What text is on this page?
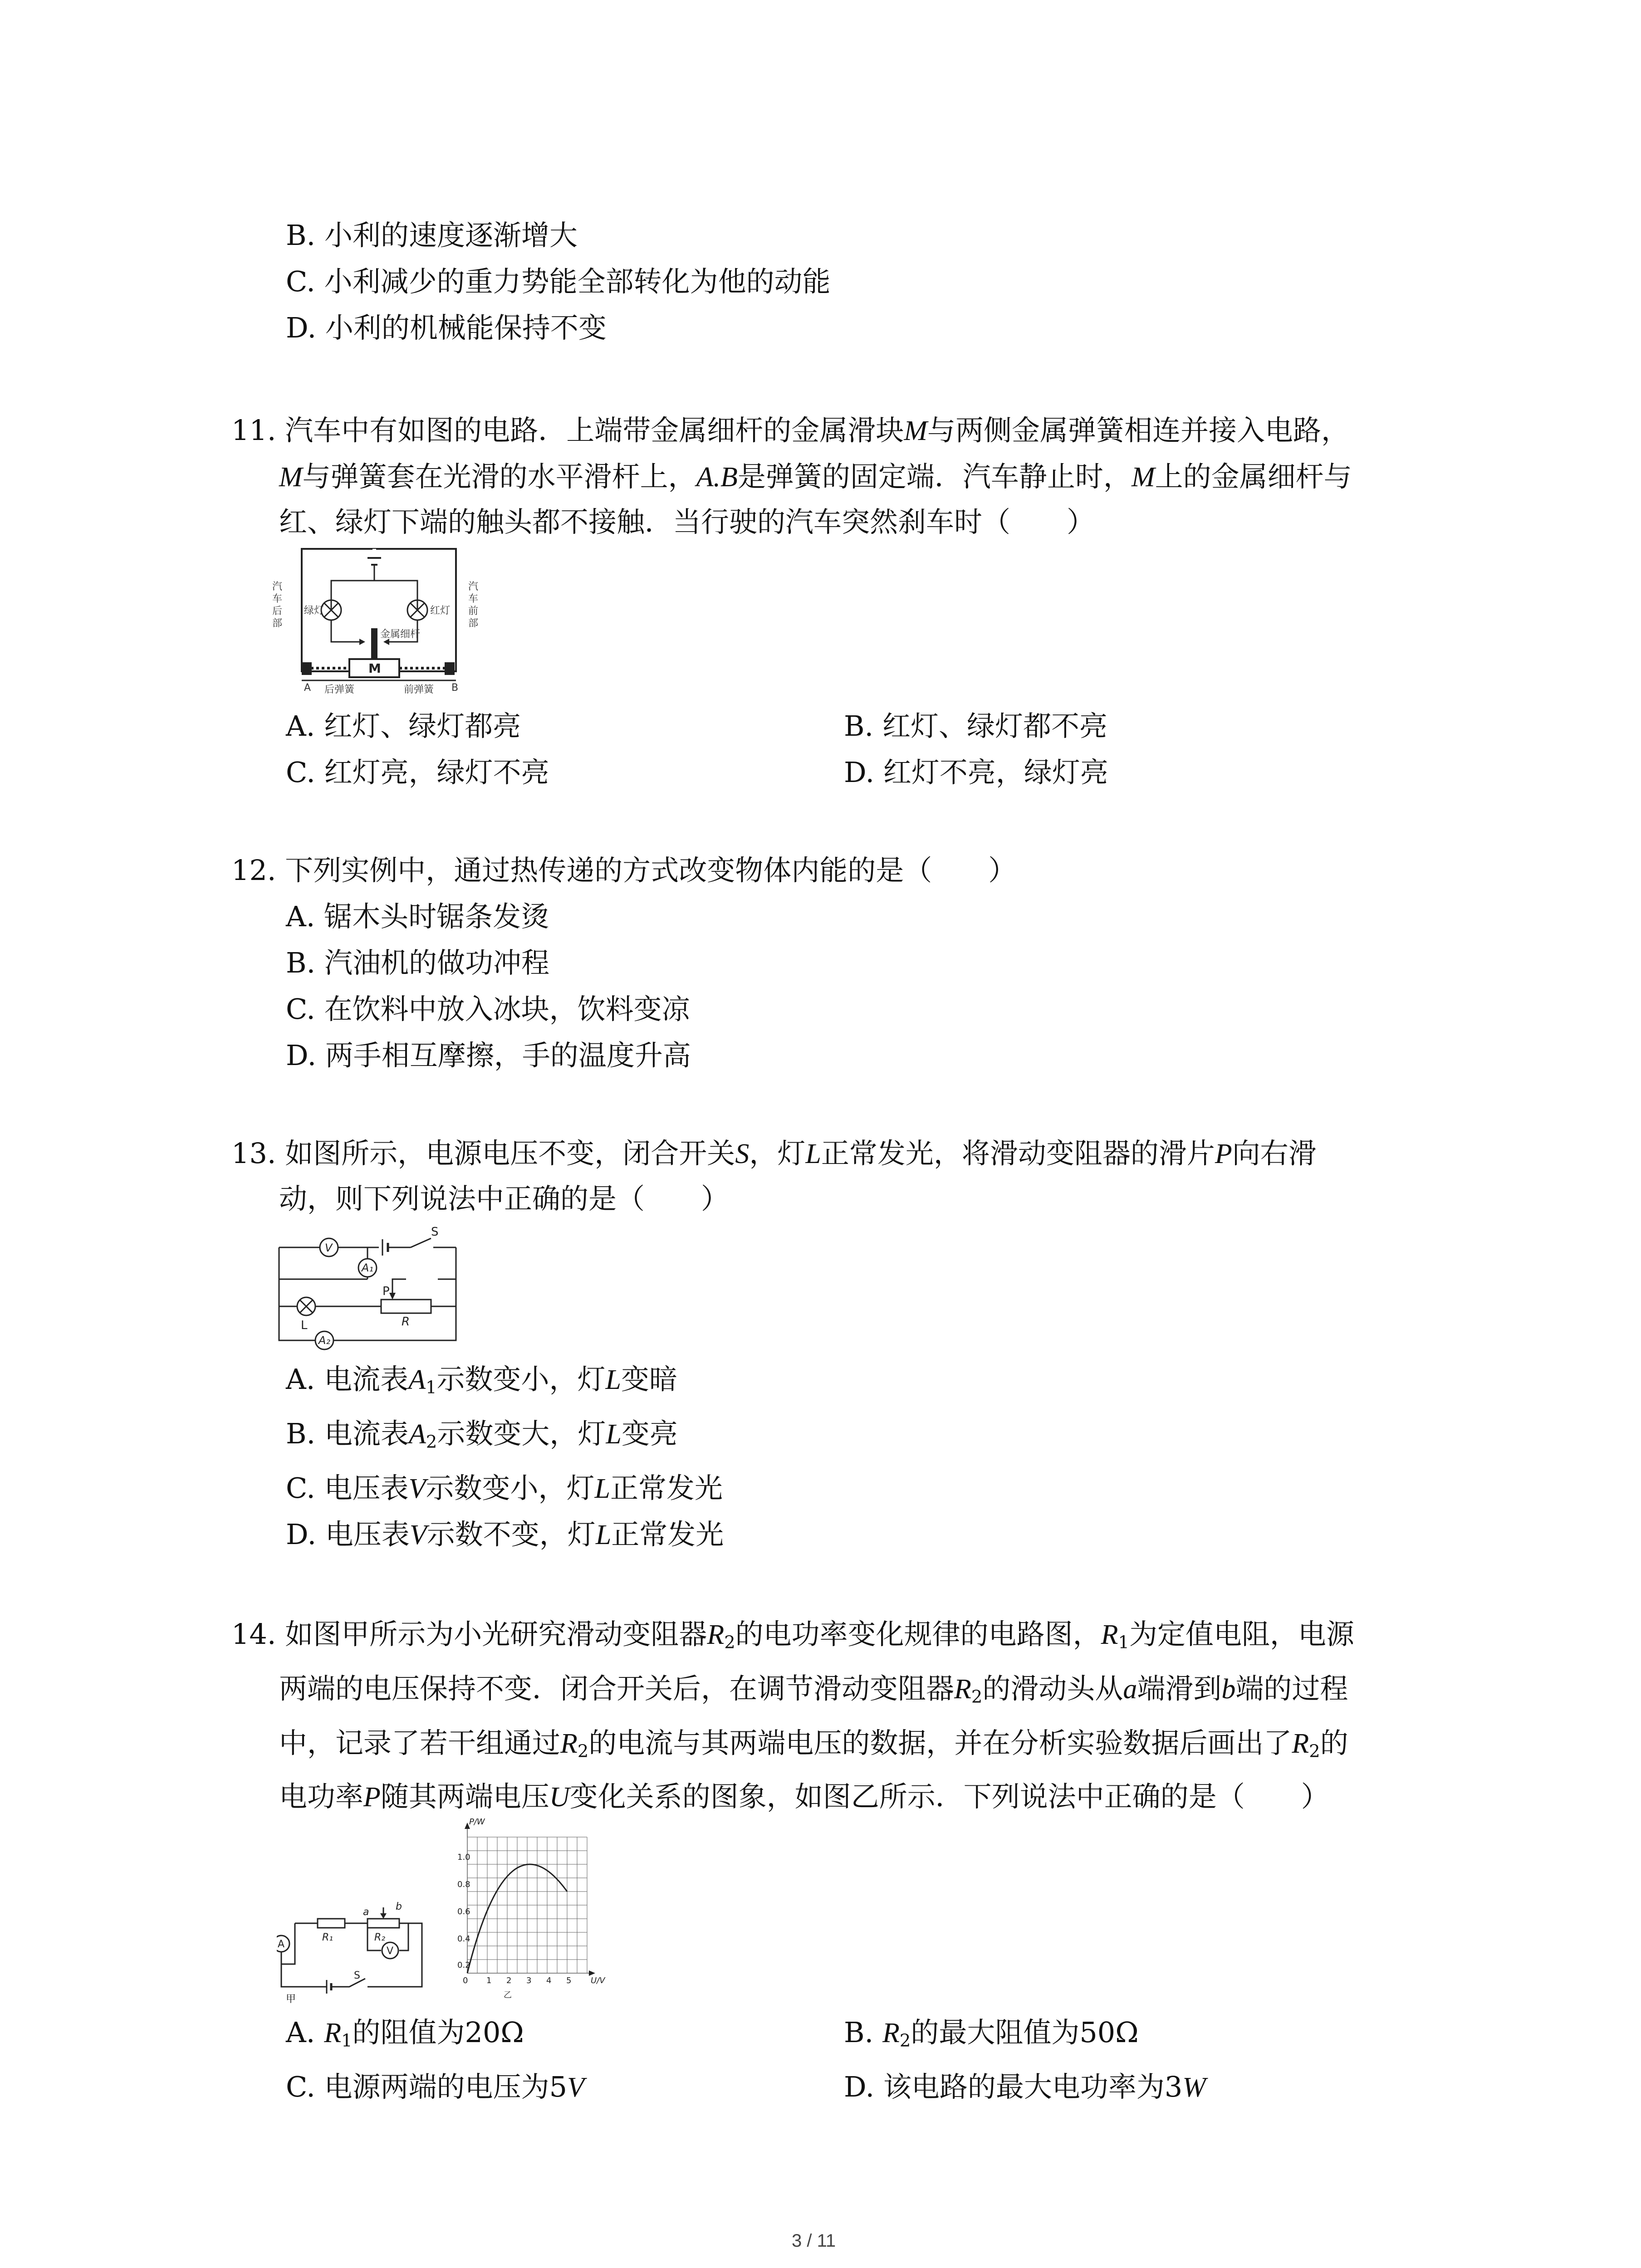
B. 小利的速度逐渐增大
C. 小利减少的重力势能全部转化为他的动能
D. 小利的机械能保持不变
11. 汽车中有如图的电路．上端带金属细杆的金属滑块M与两侧金属弹簧相连并接入电路，
M与弹簧套在光滑的水平滑杆上，A.B是弹簧的固定端．汽车静止时，M上的金属细杆与
红、绿灯下端的触头都不接触．当行驶的汽车突然刹车时（　　）
汽
车
后
部
汽
车
前
部
绿灯	红灯
金属细杆
A	B
后弹簧	前弹簧
M
A. 红灯、绿灯都亮	B. 红灯、绿灯都不亮
C. 红灯亮，绿灯不亮	D. 红灯不亮，绿灯亮
12. 下列实例中，通过热传递的方式改变物体内能的是（　　）
A. 锯木头时锯条发烫
B. 汽油机的做功冲程
C. 在饮料中放入冰块，饮料变凉
D. 两手相互摩擦，手的温度升高
13. 如图所示，电源电压不变，闭合开关S，灯L正常发光，将滑动变阻器的滑片P向右滑
动，则下列说法中正确的是（　　）
V
A₁
A₂
S
P
R
L
A. 电流表$A_1$示数变小，灯L变暗
B. 电流表$A_2$示数变大，灯L变亮
C. 电压表V示数变小，灯L正常发光
D. 电压表V示数不变，灯L正常发光
14. 如图甲所示为小光研究滑动变阻器$R_2$的电功率变化规律的电路图，$R_1$为定值电阻，电源
两端的电压保持不变．闭合开关后，在调节滑动变阻器$R_2$的滑动头从a端滑到b端的过程
中，记录了若干组通过$R_2$的电流与其两端电压的数据，并在分析实验数据后画出了$R_2$的
电功率P随其两端电压U变化关系的图象，如图乙所示．下列说法中正确的是（　　）
A
V
R₁	R₂
a	b
S
甲
1.0
0.8
0.6
0.4
0.2
0 1 2 3 4 5
P/W
U/V
乙
A. $R_1$的阻值为20Ω	B. $R_2$的最大阻值为50Ω
C. 电源两端的电压为5V	D. 该电路的最大电功率为3W
3 / 11
